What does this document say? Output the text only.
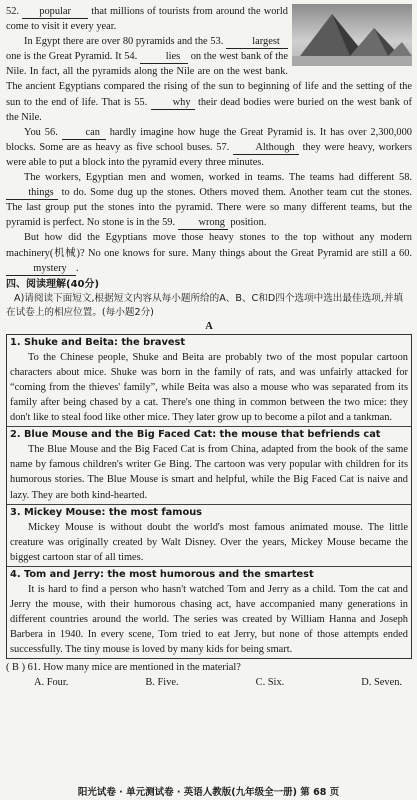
52. popular that millions of tourists from around the world come to visit it every year.

In Egypt there are over 80 pyramids and the 53.	largest one is the Great Pyramid. It 54.	lies on the west bank of the Nile. In fact, all the pyramids along the Nile are on the west bank. The ancient Egyptians compared the rising of the sun to beginning of life and the setting of the sun to the end of life. That is 55. why their dead bodies were buried on the west bank of the Nile.

You 56.	can hardly imagine how huge the Great Pyramid is. It has over 2,300,000 blocks. Some are as heavy as five school buses. 57.	Although they were heavy, workers were able to put a block into the pyramid every three minutes.

The workers, Egyptian men and women, worked in teams. The teams had different 58. things to do. Some dug up the stones. Others moved them. Another team cut the stones. The last group put the stones into the pyramid. There were so many different teams, but the pyramid is perfect. No stone is in the 59. wrong position.

But how did the Egyptians move those heavy stones to the top without any modern machinery(机械)? No one knows for sure. Many things about the Great Pyramid are still a 60. mystery .

四、阅读理解(40分)
A)请阅读下面短文,根据短文内容从每小题所给的A、B、C和D四个选项中选出最佳选项,并填在试卷上的相应位置。(每小题2分)
A
1. Shuke and Beita: the bravest

To the Chinese people, Shuke and Beita are probably two of the most popular cartoon characters about mice. Shuke was born in the family of rats, and was unfairly attacked for “coming from the thieves' family”, while Beita was also a mouse who was separated from its family after being chased by a cat. There's one thing in common between the two mice: they don't like to steal food like other mice. They later grow up to become a pilot and a tankman.

2. Blue Mouse and the Big Faced Cat: the mouse that befriends cat

The Blue Mouse and the Big Faced Cat is from China, adapted from the book of the same name by famous children's writer Ge Bing. The cartoon was very popular with children for its humorous stories. The Blue Mouse is smart and helpful, while the Big Faced Cat is naive and lazy. They are both kind-hearted.

3. Mickey Mouse: the most famous

Mickey Mouse is without doubt the world's most famous animated mouse. The little creature was originally created by Walt Disney. Over the years, Mickey Mouse became the biggest cartoon star of all times.

4. Tom and Jerry: the most humorous and the smartest

It is hard to find a person who hasn't watched Tom and Jerry as a child. Tom the cat and Jerry the mouse, with their humorous chasing act, have accompanied many generations in different countries around the world. The series was created by William Hanna and Joseph Barbera in 1940. In every scene, Tom tried to eat Jerry, but none of those attempts ended successfully. The tiny mouse is loved by many kids for being smart.

( B ) 61. How many mice are mentioned in the material?
A. Four.	B. Five.	C. Six.	D. Seven.
阳光试卷 · 单元测试卷 · 英语人教版(九年级全一册) 第 68 页
